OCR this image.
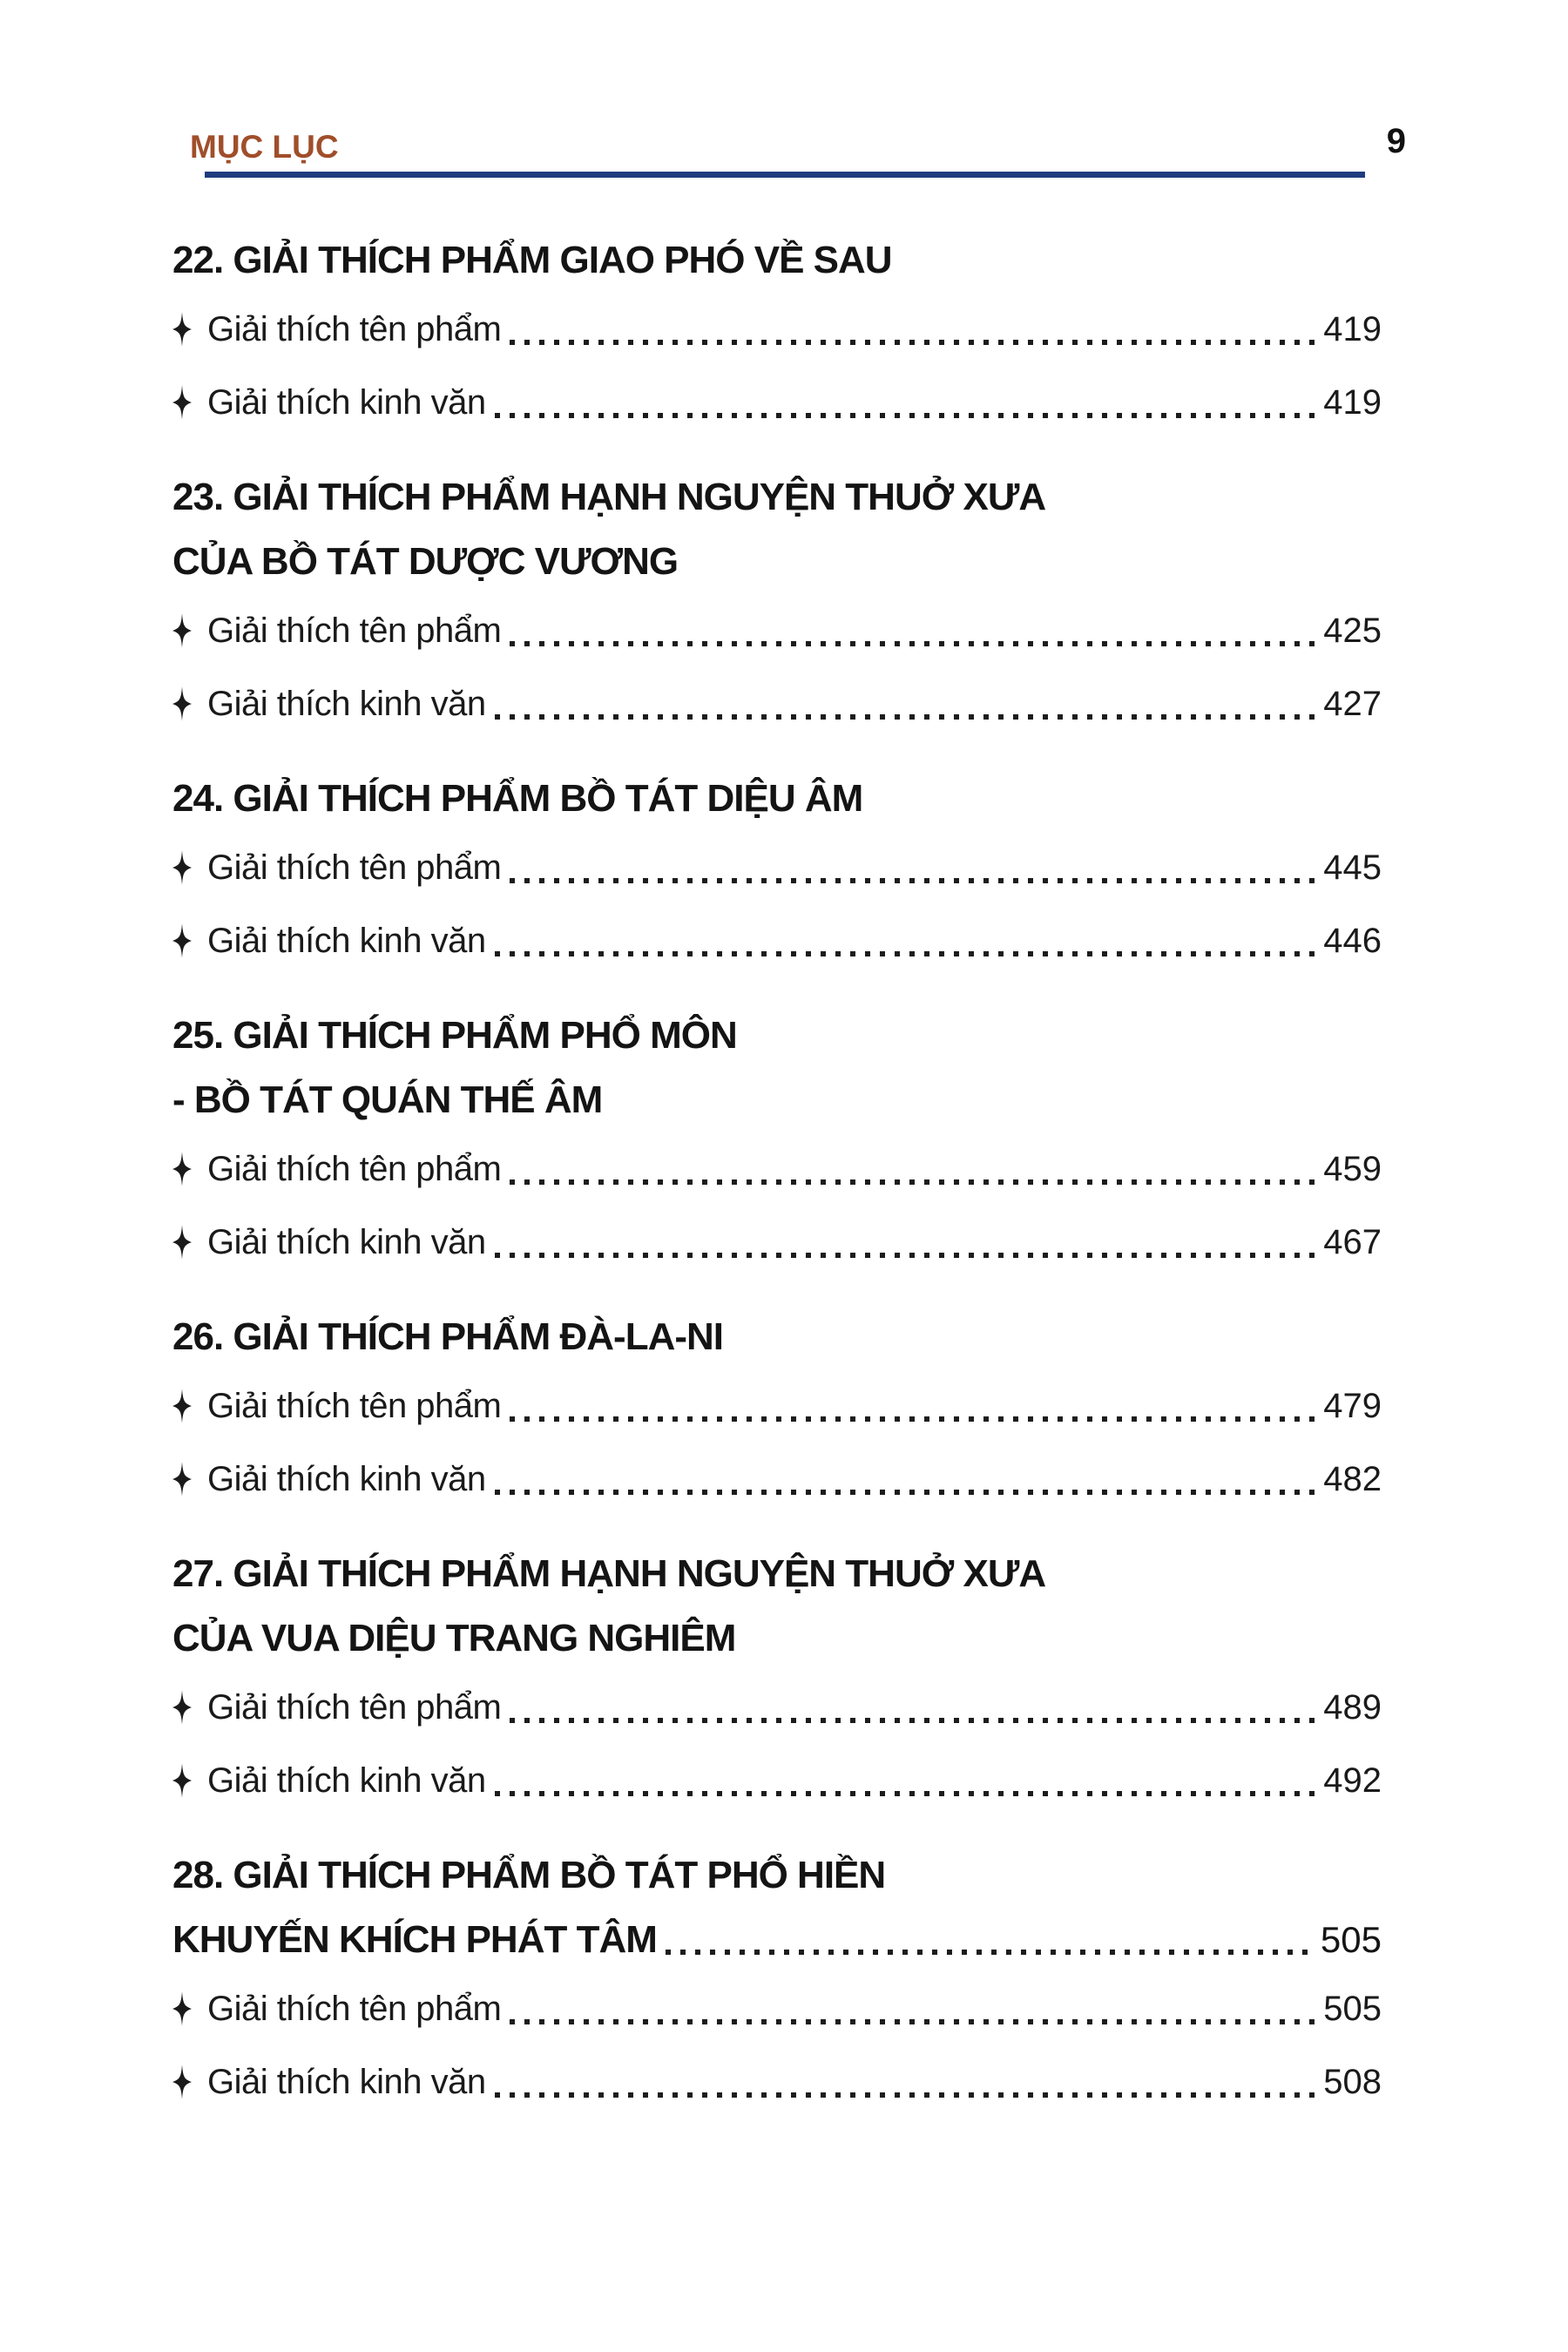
MỤC LỤC	9
22. GIẢI THÍCH PHẨM GIAO PHÓ VỀ SAU
Giải thích tên phẩm	419
Giải thích kinh văn	419
23. GIẢI THÍCH PHẨM HẠNH NGUYỆN THUỞ XƯA
CỦA BỒ TÁT DƯỢC VƯƠNG
Giải thích tên phẩm	425
Giải thích kinh văn	427
24. GIẢI THÍCH PHẨM BỒ TÁT DIỆU ÂM
Giải thích tên phẩm	445
Giải thích kinh văn	446
25. GIẢI THÍCH PHẨM PHỔ MÔN
- BỒ TÁT QUÁN THẾ ÂM
Giải thích tên phẩm	459
Giải thích kinh văn	467
26. GIẢI THÍCH PHẨM ĐÀ-LA-NI
Giải thích tên phẩm	479
Giải thích kinh văn	482
27. GIẢI THÍCH PHẨM HẠNH NGUYỆN THUỞ XƯA
CỦA VUA DIỆU TRANG NGHIÊM
Giải thích tên phẩm	489
Giải thích kinh văn	492
28. GIẢI THÍCH PHẨM BỒ TÁT PHỔ HIỀN
KHUYẾN KHÍCH PHÁT TÂM	505
Giải thích tên phẩm	505
Giải thích kinh văn	508
